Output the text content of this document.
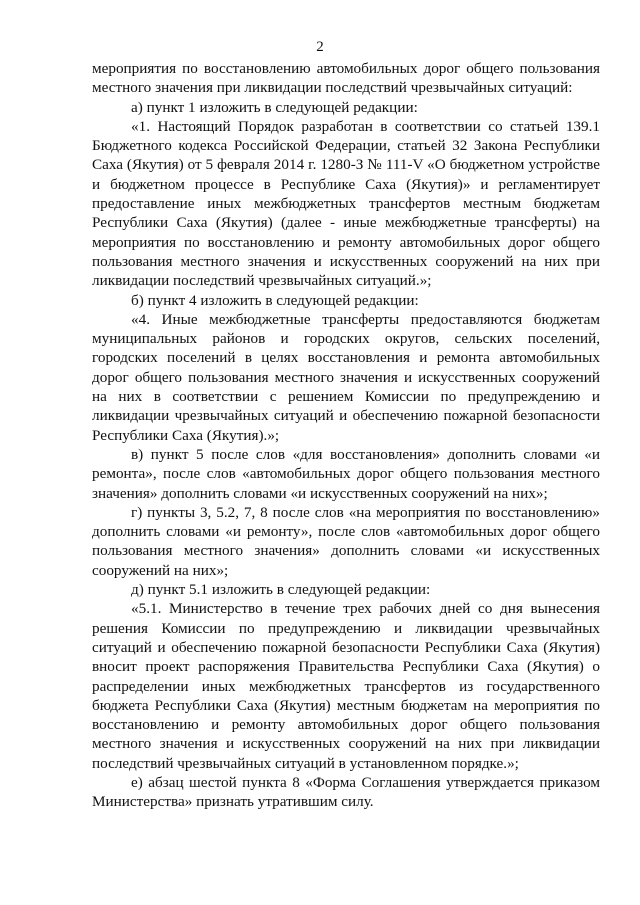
2

мероприятия по восстановлению автомобильных дорог общего пользования местного значения при ликвидации последствий чрезвычайных ситуаций:

а) пункт 1 изложить в следующей редакции:

«1. Настоящий Порядок разработан в соответствии со статьей 139.1 Бюджетного кодекса Российской Федерации, статьей 32 Закона Республики Саха (Якутия) от 5 февраля 2014 г. 1280-З № 111-V «О бюджетном устройстве и бюджетном процессе в Республике Саха (Якутия)» и регламентирует предоставление иных межбюджетных трансфертов местным бюджетам Республики Саха (Якутия) (далее - иные межбюджетные трансферты) на мероприятия по восстановлению и ремонту автомобильных дорог общего пользования местного значения и искусственных сооружений на них при ликвидации последствий чрезвычайных ситуаций.»;

б) пункт 4 изложить в следующей редакции:

«4. Иные межбюджетные трансферты предоставляются бюджетам муниципальных районов и городских округов, сельских поселений, городских поселений в целях восстановления и ремонта автомобильных дорог общего пользования местного значения и искусственных сооружений на них в соответствии с решением Комиссии по предупреждению и ликвидации чрезвычайных ситуаций и обеспечению пожарной безопасности Республики Саха (Якутия).»;

в) пункт 5 после слов «для восстановления» дополнить словами «и ремонта», после слов «автомобильных дорог общего пользования местного значения» дополнить словами «и искусственных сооружений на них»;

г) пункты 3, 5.2, 7, 8 после слов «на мероприятия по восстановлению» дополнить словами «и ремонту», после слов «автомобильных дорог общего пользования местного значения» дополнить словами «и искусственных сооружений на них»;

д) пункт 5.1 изложить в следующей редакции:

«5.1. Министерство в течение трех рабочих дней со дня вынесения решения Комиссии по предупреждению и ликвидации чрезвычайных ситуаций и обеспечению пожарной безопасности Республики Саха (Якутия) вносит проект распоряжения Правительства Республики Саха (Якутия) о распределении иных межбюджетных трансфертов из государственного бюджета Республики Саха (Якутия) местным бюджетам на мероприятия по восстановлению и ремонту автомобильных дорог общего пользования местного значения и искусственных сооружений на них при ликвидации последствий чрезвычайных ситуаций в установленном порядке.»;

е) абзац шестой пункта 8 «Форма Соглашения утверждается приказом Министерства» признать утратившим силу.
